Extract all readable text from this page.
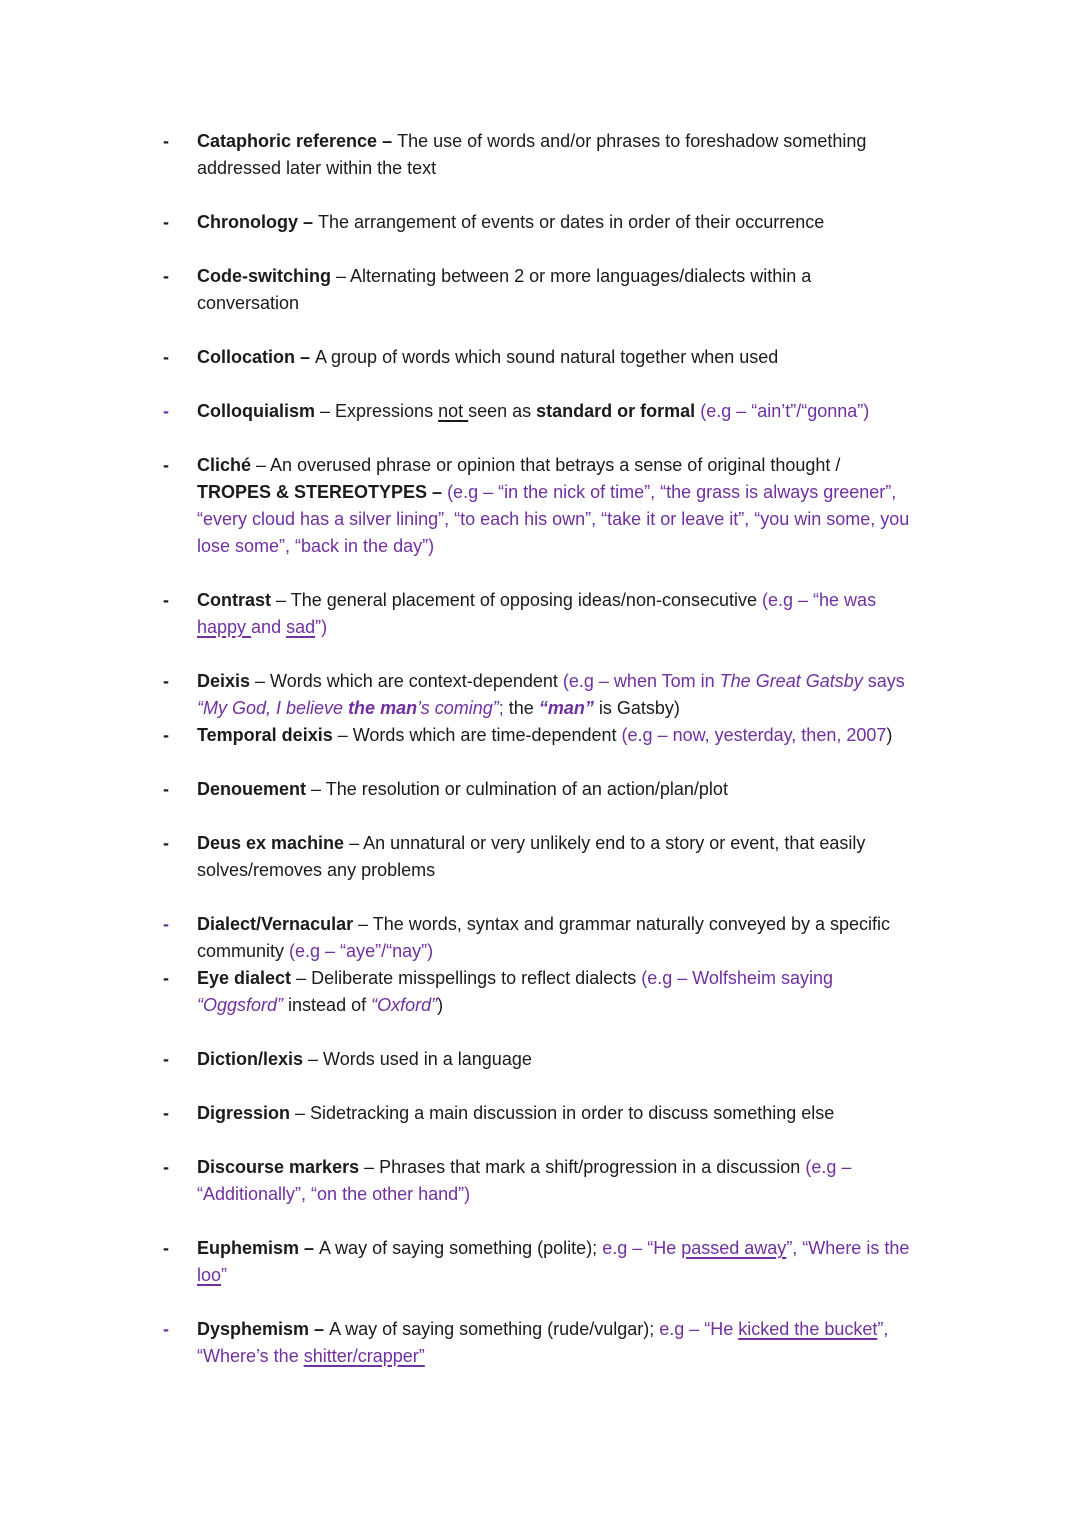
- Cataphoric reference – The use of words and/or phrases to foreshadow something addressed later within the text
- Chronology – The arrangement of events or dates in order of their occurrence
- Code-switching – Alternating between 2 or more languages/dialects within a conversation
- Collocation – A group of words which sound natural together when used
- Colloquialism – Expressions not seen as standard or formal (e.g – “ain’t”/“gonna”)
- Cliché – An overused phrase or opinion that betrays a sense of original thought / TROPES & STEREOTYPES – (e.g – “in the nick of time”, “the grass is always greener”, “every cloud has a silver lining”, “to each his own”, “take it or leave it”, “you win some, you lose some”, “back in the day”)
- Contrast – The general placement of opposing ideas/non-consecutive (e.g – “he was happy and sad”)
- Deixis – Words which are context-dependent (e.g – when Tom in The Great Gatsby says “My God, I believe the man’s coming”; the “man” is Gatsby)
- Temporal deixis – Words which are time-dependent (e.g – now, yesterday, then, 2007)
- Denouement – The resolution or culmination of an action/plan/plot
- Deus ex machine – An unnatural or very unlikely end to a story or event, that easily solves/removes any problems
- Dialect/Vernacular – The words, syntax and grammar naturally conveyed by a specific community (e.g – “aye”/“nay”)
- Eye dialect – Deliberate misspellings to reflect dialects (e.g – Wolfsheim saying “Oggsford” instead of “Oxford”)
- Diction/lexis – Words used in a language
- Digression – Sidetracking a main discussion in order to discuss something else
- Discourse markers – Phrases that mark a shift/progression in a discussion (e.g – “Additionally”, “on the other hand”)
- Euphemism – A way of saying something (polite); e.g – “He passed away”, “Where is the loo”
- Dysphemism – A way of saying something (rude/vulgar); e.g – “He kicked the bucket”, “Where’s the shitter/crapper”
